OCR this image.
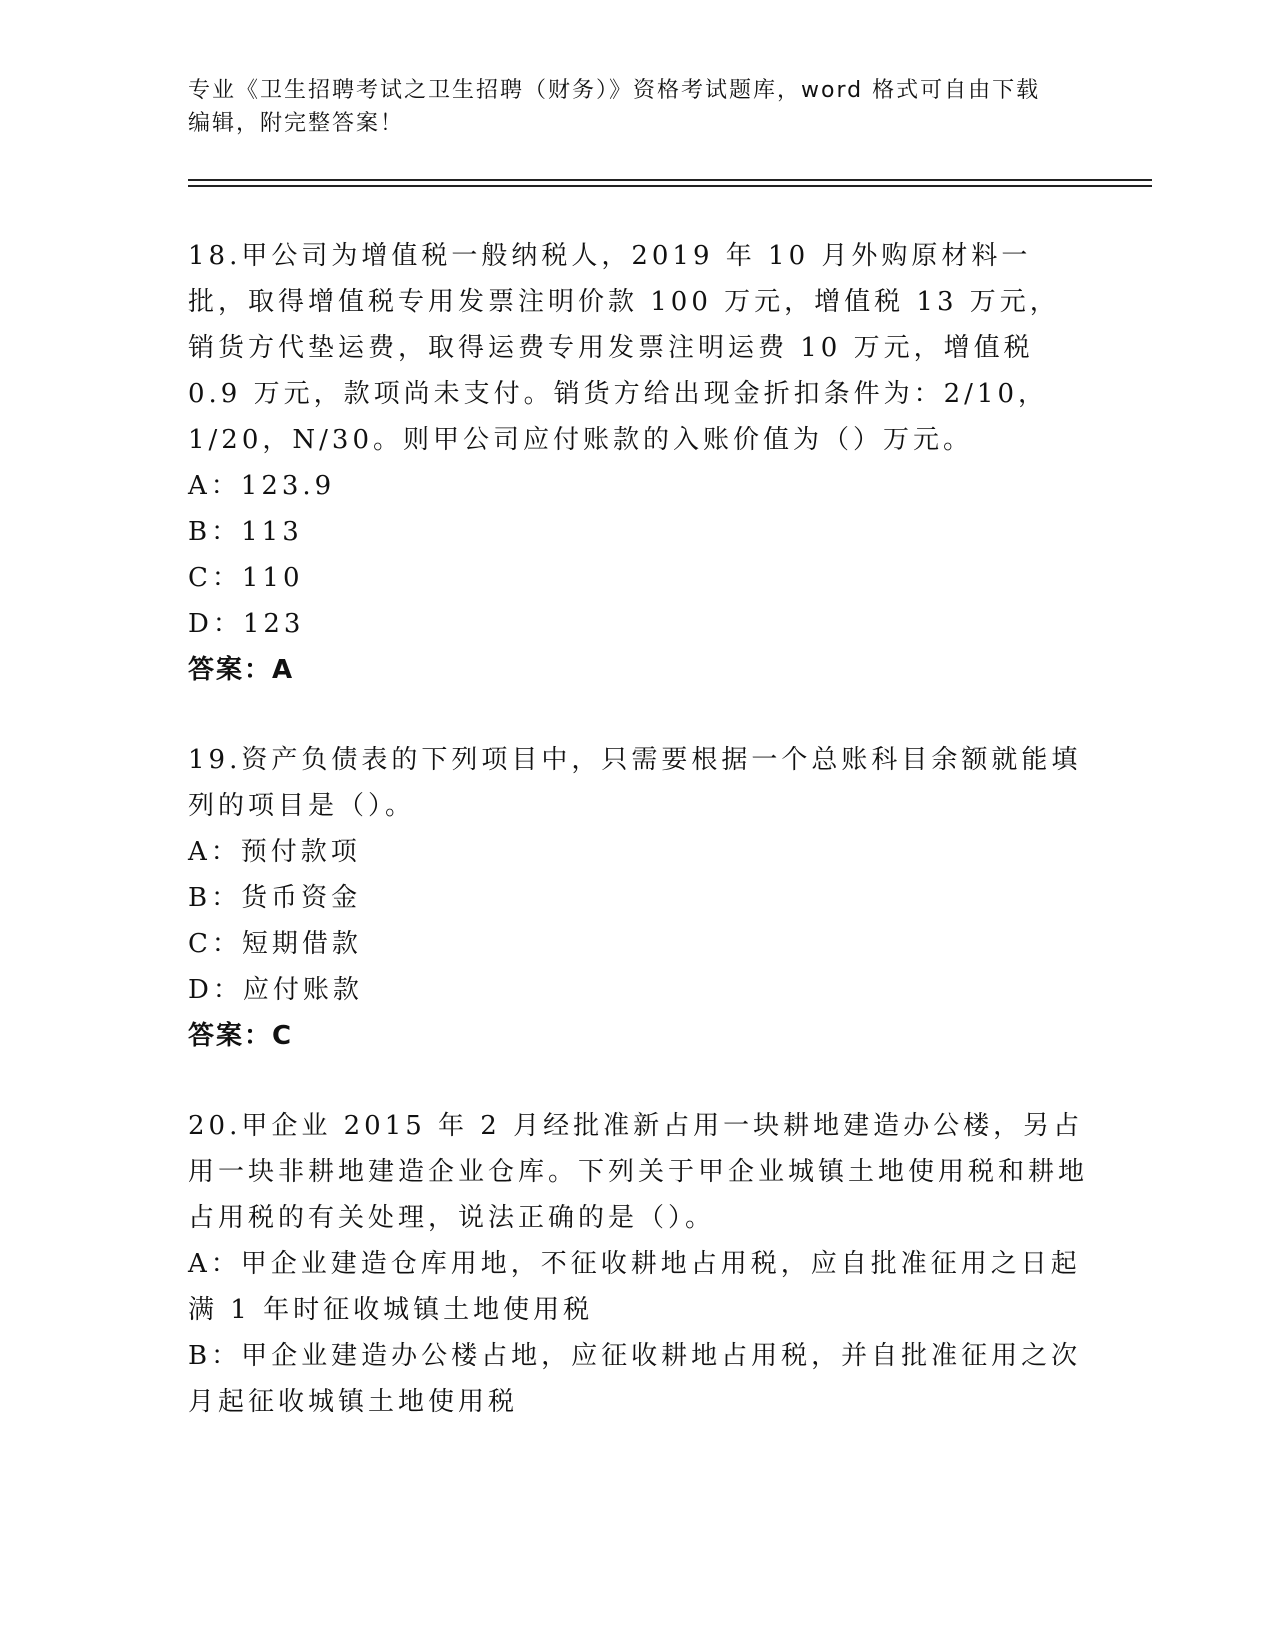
专业《卫生招聘考试之卫生招聘（财务）》资格考试题库，word 格式可自由下载
编辑，附完整答案！

18.甲公司为增值税一般纳税人，2019 年 10 月外购原材料一批，取得增值税专用发票注明价款 100 万元，增值税 13 万元，销货方代垫运费，取得运费专用发票注明运费 10 万元，增值税 0.9 万元，款项尚未支付。销货方给出现金折扣条件为：2/10，1/20，N/30。则甲公司应付账款的入账价值为（）万元。

A：123.9

B：113

C：110

D：123

答案：A

19.资产负债表的下列项目中，只需要根据一个总账科目余额就能填列的项目是（）。

A：预付款项

B：货币资金

C：短期借款

D：应付账款

答案：C

20.甲企业 2015 年 2 月经批准新占用一块耕地建造办公楼，另占用一块非耕地建造企业仓库。下列关于甲企业城镇土地使用税和耕地占用税的有关处理，说法正确的是（）。

A：甲企业建造仓库用地，不征收耕地占用税，应自批准征用之日起满 1 年时征收城镇土地使用税

B：甲企业建造办公楼占地，应征收耕地占用税，并自批准征用之次月起征收城镇土地使用税
